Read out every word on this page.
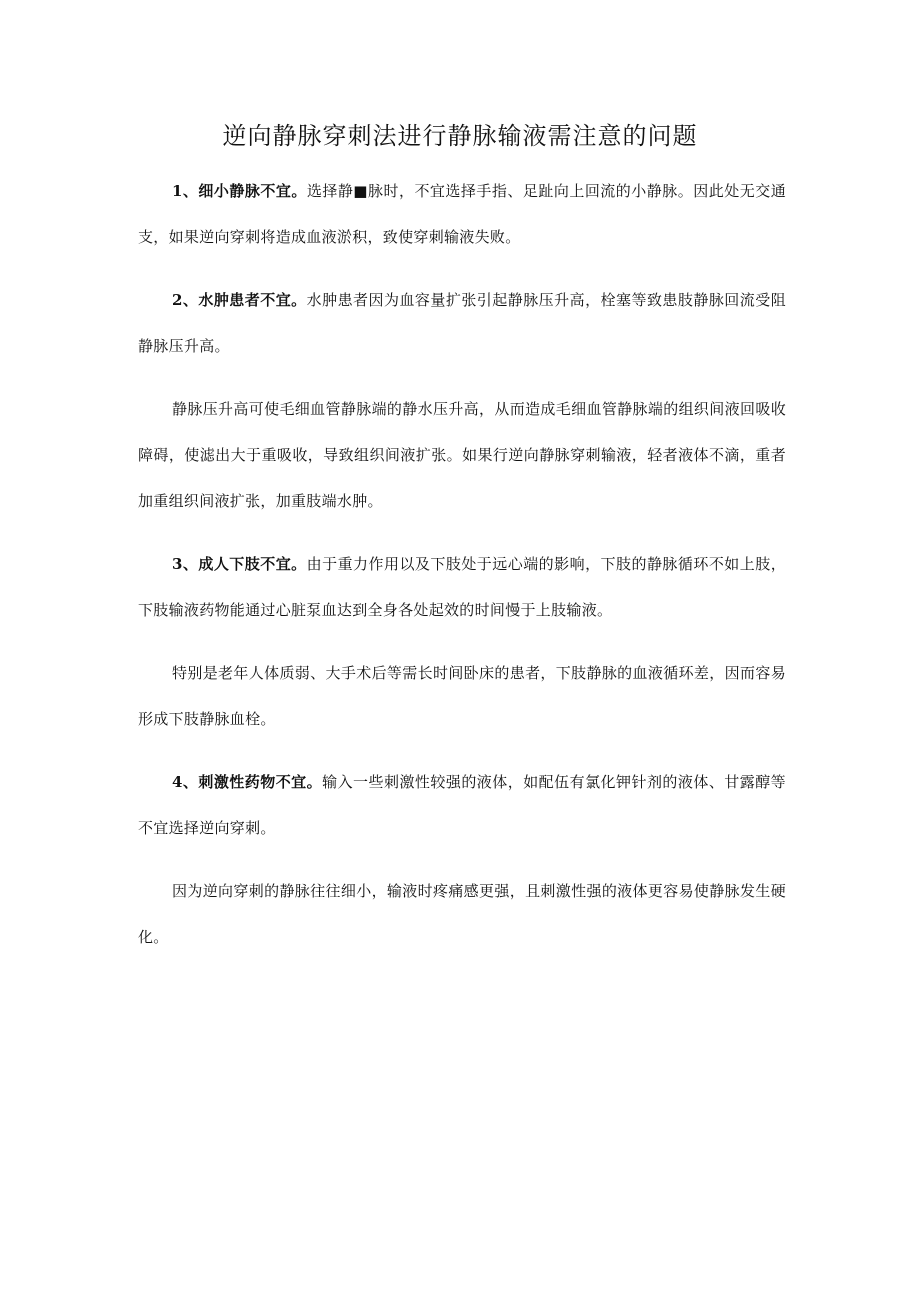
逆向静脉穿刺法进行静脉输液需注意的问题

1、细小静脉不宜。选择静■脉时，不宜选择手指、足趾向上回流的小静脉。因此处无交通支，如果逆向穿刺将造成血液淤积，致使穿刺输液失败。

2、水肿患者不宜。水肿患者因为血容量扩张引起静脉压升高，栓塞等致患肢静脉回流受阻静脉压升高。

静脉压升高可使毛细血管静脉端的静水压升高，从而造成毛细血管静脉端的组织间液回吸收障碍，使滤出大于重吸收，导致组织间液扩张。如果行逆向静脉穿刺输液，轻者液体不滴，重者加重组织间液扩张，加重肢端水肿。

3、成人下肢不宜。由于重力作用以及下肢处于远心端的影响，下肢的静脉循环不如上肢，下肢输液药物能通过心脏泵血达到全身各处起效的时间慢于上肢输液。

特别是老年人体质弱、大手术后等需长时间卧床的患者，下肢静脉的血液循环差，因而容易形成下肢静脉血栓。

4、刺激性药物不宜。输入一些刺激性较强的液体，如配伍有氯化钾针剂的液体、甘露醇等不宜选择逆向穿刺。

因为逆向穿刺的静脉往往细小，输液时疼痛感更强，且刺激性强的液体更容易使静脉发生硬化。
